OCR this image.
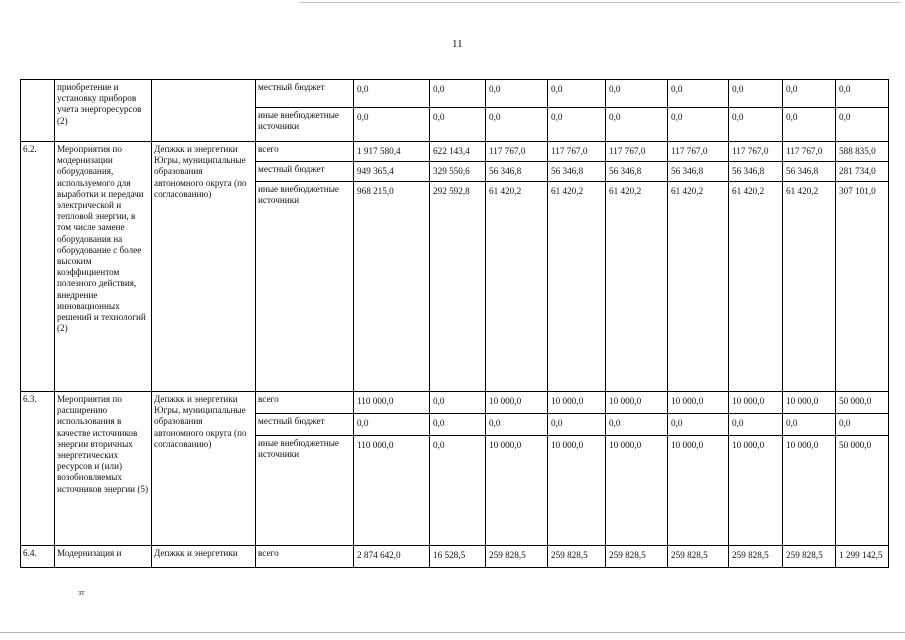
11
	приобретение и установку приборов учета энергоресурсов (2)		местный бюджет	0,0	0,0	0,0	0,0	0,0	0,0	0,0	0,0	0,0
			иные внебюджетные источники	0,0	0,0	0,0	0,0	0,0	0,0	0,0	0,0	0,0
6.2.	Мероприятия по модернизации оборудования, используемого для выработки и передачи электрической и тепловой энергии, в том числе замене оборудования на оборудование с более высоким коэффициентом полезного действия, внедрение инновационных решений и технологий (2)	Депжкк и энергетики Югры, муниципальные образования автономного округа (по согласованию)	всего	1 917 580,4	622 143,4	117 767,0	117 767,0	117 767,0	117 767,0	117 767,0	117 767,0	588 835,0
			местный бюджет	949 365,4	329 550,6	56 346,8	56 346,8	56 346,8	56 346,8	56 346,8	56 346,8	281 734,0
			иные внебюджетные источники	968 215,0	292 592,8	61 420,2	61 420,2	61 420,2	61 420,2	61 420,2	61 420,2	307 101,0
6.3.	Мероприятия по расширению использования в качестве источников энергии вторичных энергетических ресурсов и (или) возобновляемых источников энергии (5)	Депжкк и энергетики Югры, муниципальные образования автономного округа (по согласованию)	всего	110 000,0	0,0	10 000,0	10 000,0	10 000,0	10 000,0	10 000,0	10 000,0	50 000,0
			местный бюджет	0,0	0,0	0,0	0,0	0,0	0,0	0,0	0,0	0,0
			иные внебюджетные источники	110 000,0	0,0	10 000,0	10 000,0	10 000,0	10 000,0	10 000,0	10 000,0	50 000,0
6.4.	Модернизация и	Депжкк и энергетики	всего	2 874 642,0	16 528,5	259 828,5	259 828,5	259 828,5	259 828,5	259 828,5	259 828,5	1 299 142,5
зт
